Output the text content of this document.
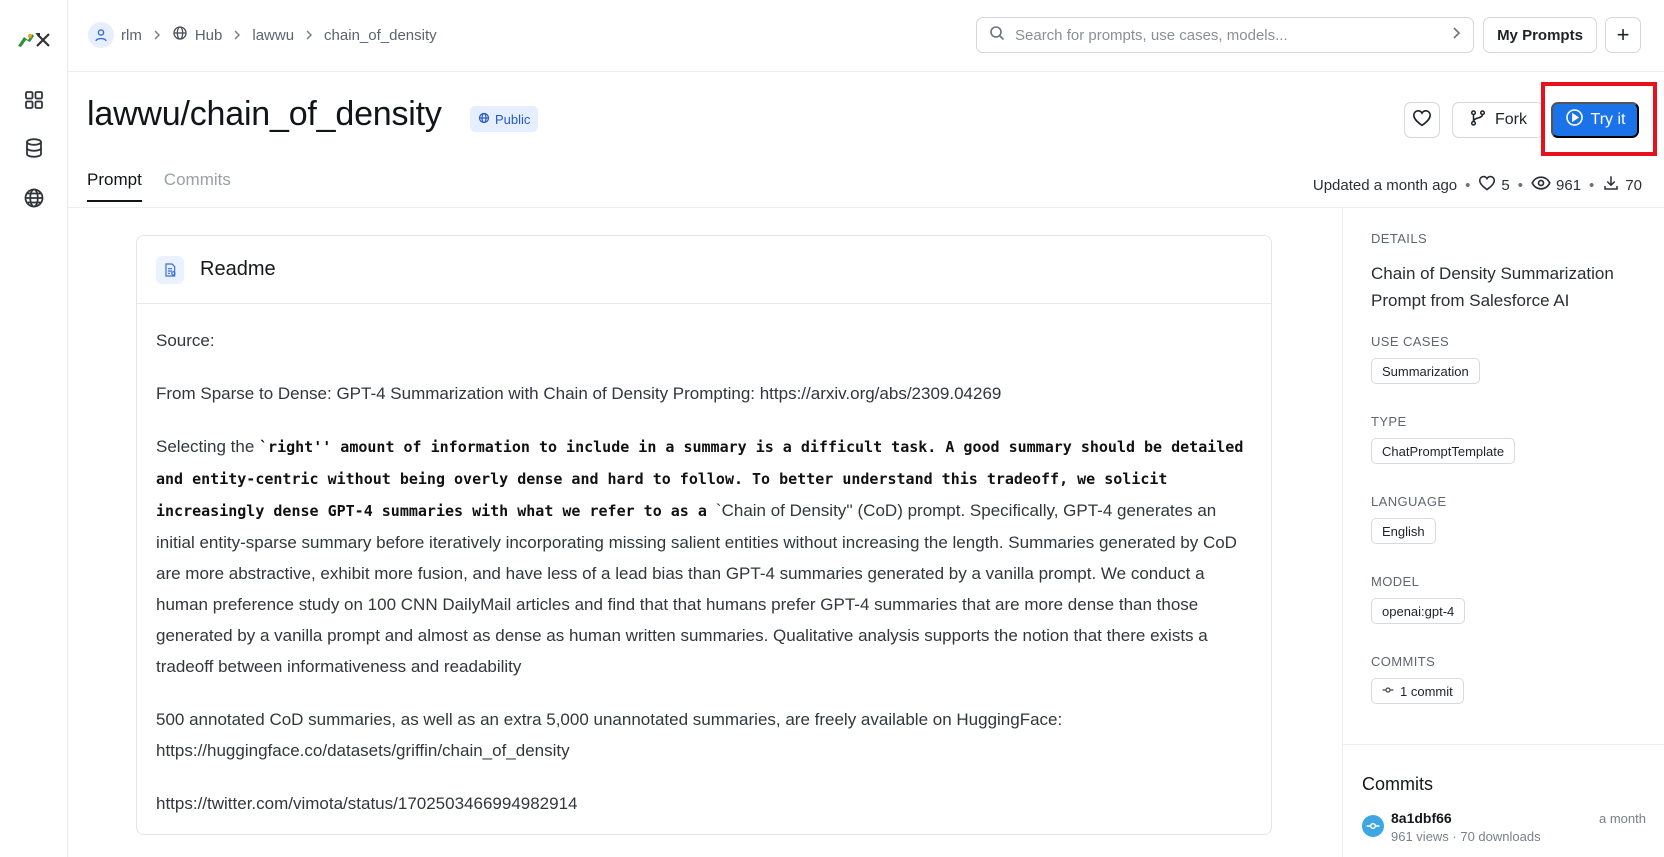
rlm	Hub lawwu chain_of_density
Search for prompts, use cases, models...	My Prompts	+
lawwu/chain_of_density	Public	Fork	Try it
Prompt Commits	Updated a month ago • 5 • 961 • 70
Readme

Source:

From Sparse to Dense: GPT-4 Summarization with Chain of Density Prompting: https://arxiv.org/abs/2309.04269

Selecting the `right'' amount of information to include in a summary is a difficult task. A good summary should be detailed and entity-centric without being overly dense and hard to follow. To better understand this tradeoff, we solicit increasingly dense GPT-4 summaries with what we refer to as a `Chain of Density'' (CoD) prompt. Specifically, GPT-4 generates an initial entity-sparse summary before iteratively incorporating missing salient entities without increasing the length. Summaries generated by CoD are more abstractive, exhibit more fusion, and have less of a lead bias than GPT-4 summaries generated by a vanilla prompt. We conduct a human preference study on 100 CNN DailyMail articles and find that that humans prefer GPT-4 summaries that are more dense than those generated by a vanilla prompt and almost as dense as human written summaries. Qualitative analysis supports the notion that there exists a tradeoff between informativeness and readability

500 annotated CoD summaries, as well as an extra 5,000 unannotated summaries, are freely available on HuggingFace: https://huggingface.co/datasets/griffin/chain_of_density

https://twitter.com/vimota/status/1702503466994982914

DETAILS
Chain of Density Summarization Prompt from Salesforce AI
USE CASES
Summarization
TYPE
ChatPromptTemplate
LANGUAGE
English
MODEL
openai:gpt-4
COMMITS
1 commit
Commits
8a1dbf66
961 views · 70 downloads
a month
